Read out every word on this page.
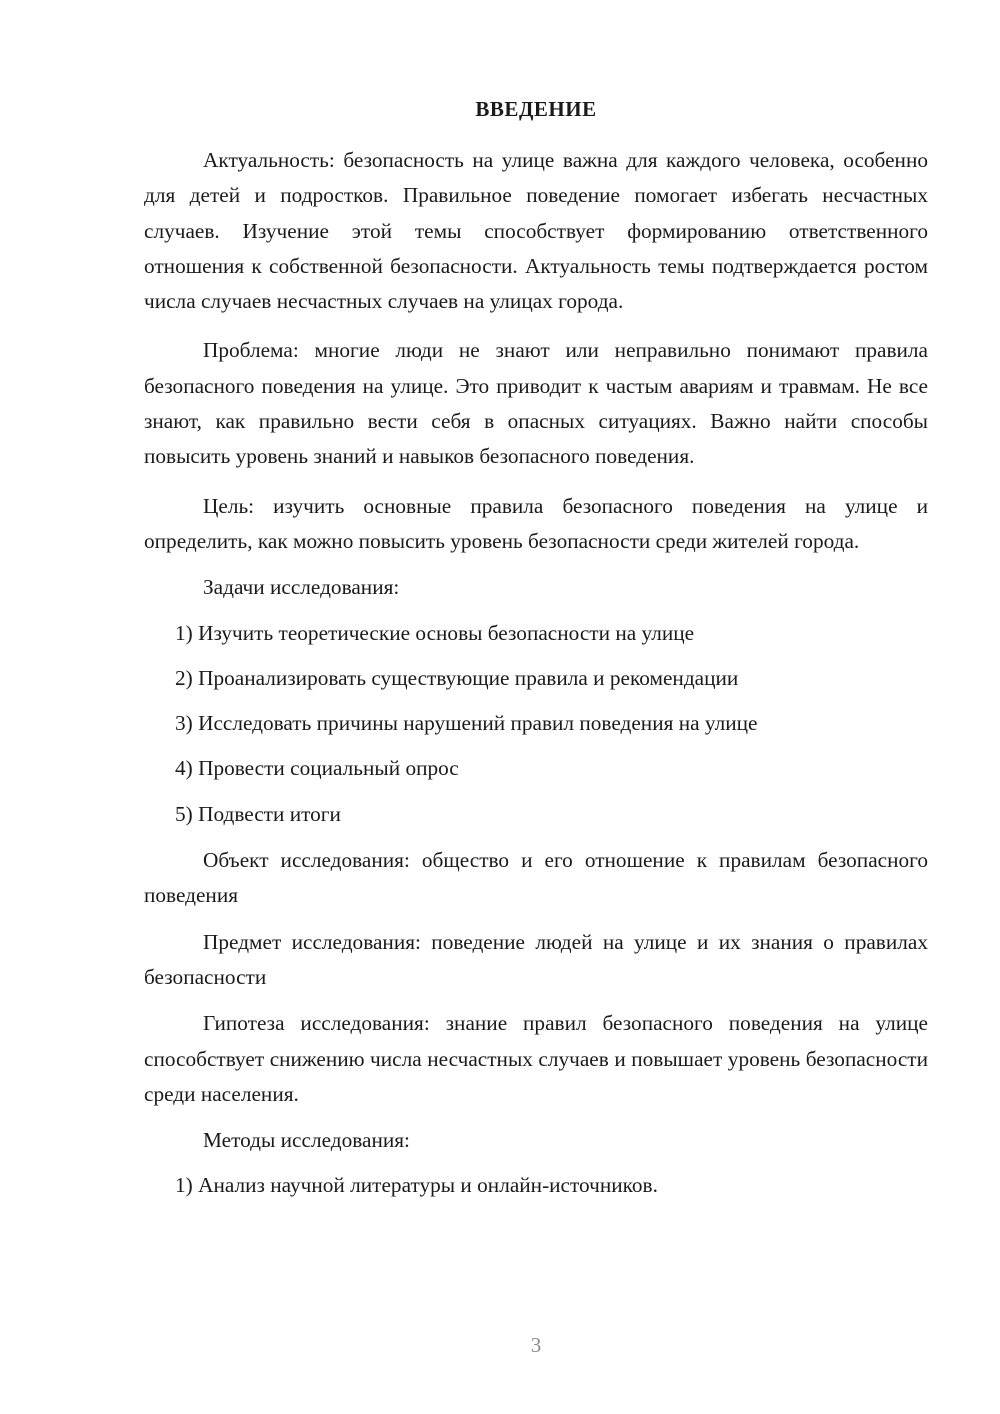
ВВЕДЕНИЕ

Актуальность: безопасность на улице важна для каждого человека, особенно для детей и подростков. Правильное поведение помогает избегать несчастных случаев. Изучение этой темы способствует формированию ответственного отношения к собственной безопасности. Актуальность темы подтверждается ростом числа случаев несчастных случаев на улицах города.

Проблема: многие люди не знают или неправильно понимают правила безопасного поведения на улице. Это приводит к частым авариям и травмам. Не все знают, как правильно вести себя в опасных ситуациях. Важно найти способы повысить уровень знаний и навыков безопасного поведения.

Цель: изучить основные правила безопасного поведения на улице и определить, как можно повысить уровень безопасности среди жителей города.

Задачи исследования:

1) Изучить теоретические основы безопасности на улице

2) Проанализировать существующие правила и рекомендации

3) Исследовать причины нарушений правил поведения на улице

4) Провести социальный опрос

5) Подвести итоги

Объект исследования: общество и его отношение к правилам безопасного поведения

Предмет исследования: поведение людей на улице и их знания о правилах безопасности

Гипотеза исследования: знание правил безопасного поведения на улице способствует снижению числа несчастных случаев и повышает уровень безопасности среди населения.

Методы исследования:

1) Анализ научной литературы и онлайн-источников.

3
